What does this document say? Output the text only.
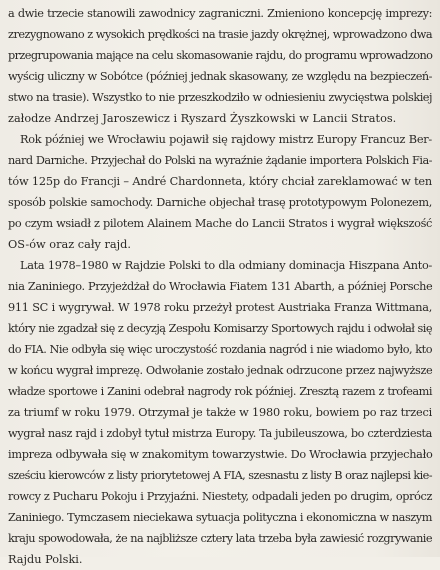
a dwie trzecie stanowili zawodnicy zagraniczni. Zmieniono koncepcję imprezy:
zrezygnowano z wysokich prędkości na trasie jazdy okrężnej, wprowadzono dwa
przegrupowania mające na celu skomasowanie rajdu, do programu wprowadzono
wyścig uliczny w Sobótce (później jednak skasowany, ze względu na bezpieczeń-
stwo na trasie). Wszystko to nie przeszkodziło w odniesieniu zwycięstwa polskiej
załodze Andrzej Jaroszewicz i Ryszard Żyszkowski w Lancii Stratos.
Rok później we Wrocławiu pojawił się rajdowy mistrz Europy Francuz Ber-
nard Darniche. Przyjechał do Polski na wyraźnie żądanie importera Polskich Fia-
tów 125p do Francji – André Chardonneta, który chciał zareklamować w ten
sposób polskie samochody. Darniche objechał trasę prototypowym Polonezem,
po czym wsiadł z pilotem Alainem Mache do Lancii Stratos i wygrał większość
OS-ów oraz cały rajd.
Lata 1978–1980 w Rajdzie Polski to dla odmiany dominacja Hiszpana Anto-
nia Zaniniego. Przyjeżdżał do Wrocławia Fiatem 131 Abarth, a później Porsche
911 SC i wygrywał. W 1978 roku przeżył protest Austriaka Franza Wittmana,
który nie zgadzał się z decyzją Zespołu Komisarzy Sportowych rajdu i odwołał się
do FIA. Nie odbyła się więc uroczystość rozdania nagród i nie wiadomo było, kto
w końcu wygrał imprezę. Odwołanie zostało jednak odrzucone przez najwyższe
władze sportowe i Zanini odebrał nagrody rok później. Zresztą razem z trofeami
za triumf w roku 1979. Otrzymał je także w 1980 roku, bowiem po raz trzeci
wygrał nasz rajd i zdobył tytuł mistrza Europy. Ta jubileuszowa, bo czterdziesta
impreza odbywała się w znakomitym towarzystwie. Do Wrocławia przyjechało
sześciu kierowców z listy priorytetowej A FIA, szesnastu z listy B oraz najlepsi kie-
rowcy z Pucharu Pokoju i Przyjaźni. Niestety, odpadali jeden po drugim, oprócz
Zaniniego. Tymczasem nieciekawa sytuacja polityczna i ekonomiczna w naszym
kraju spowodowała, że na najbliższe cztery lata trzeba była zawiesić rozgrywanie
Rajdu Polski.
